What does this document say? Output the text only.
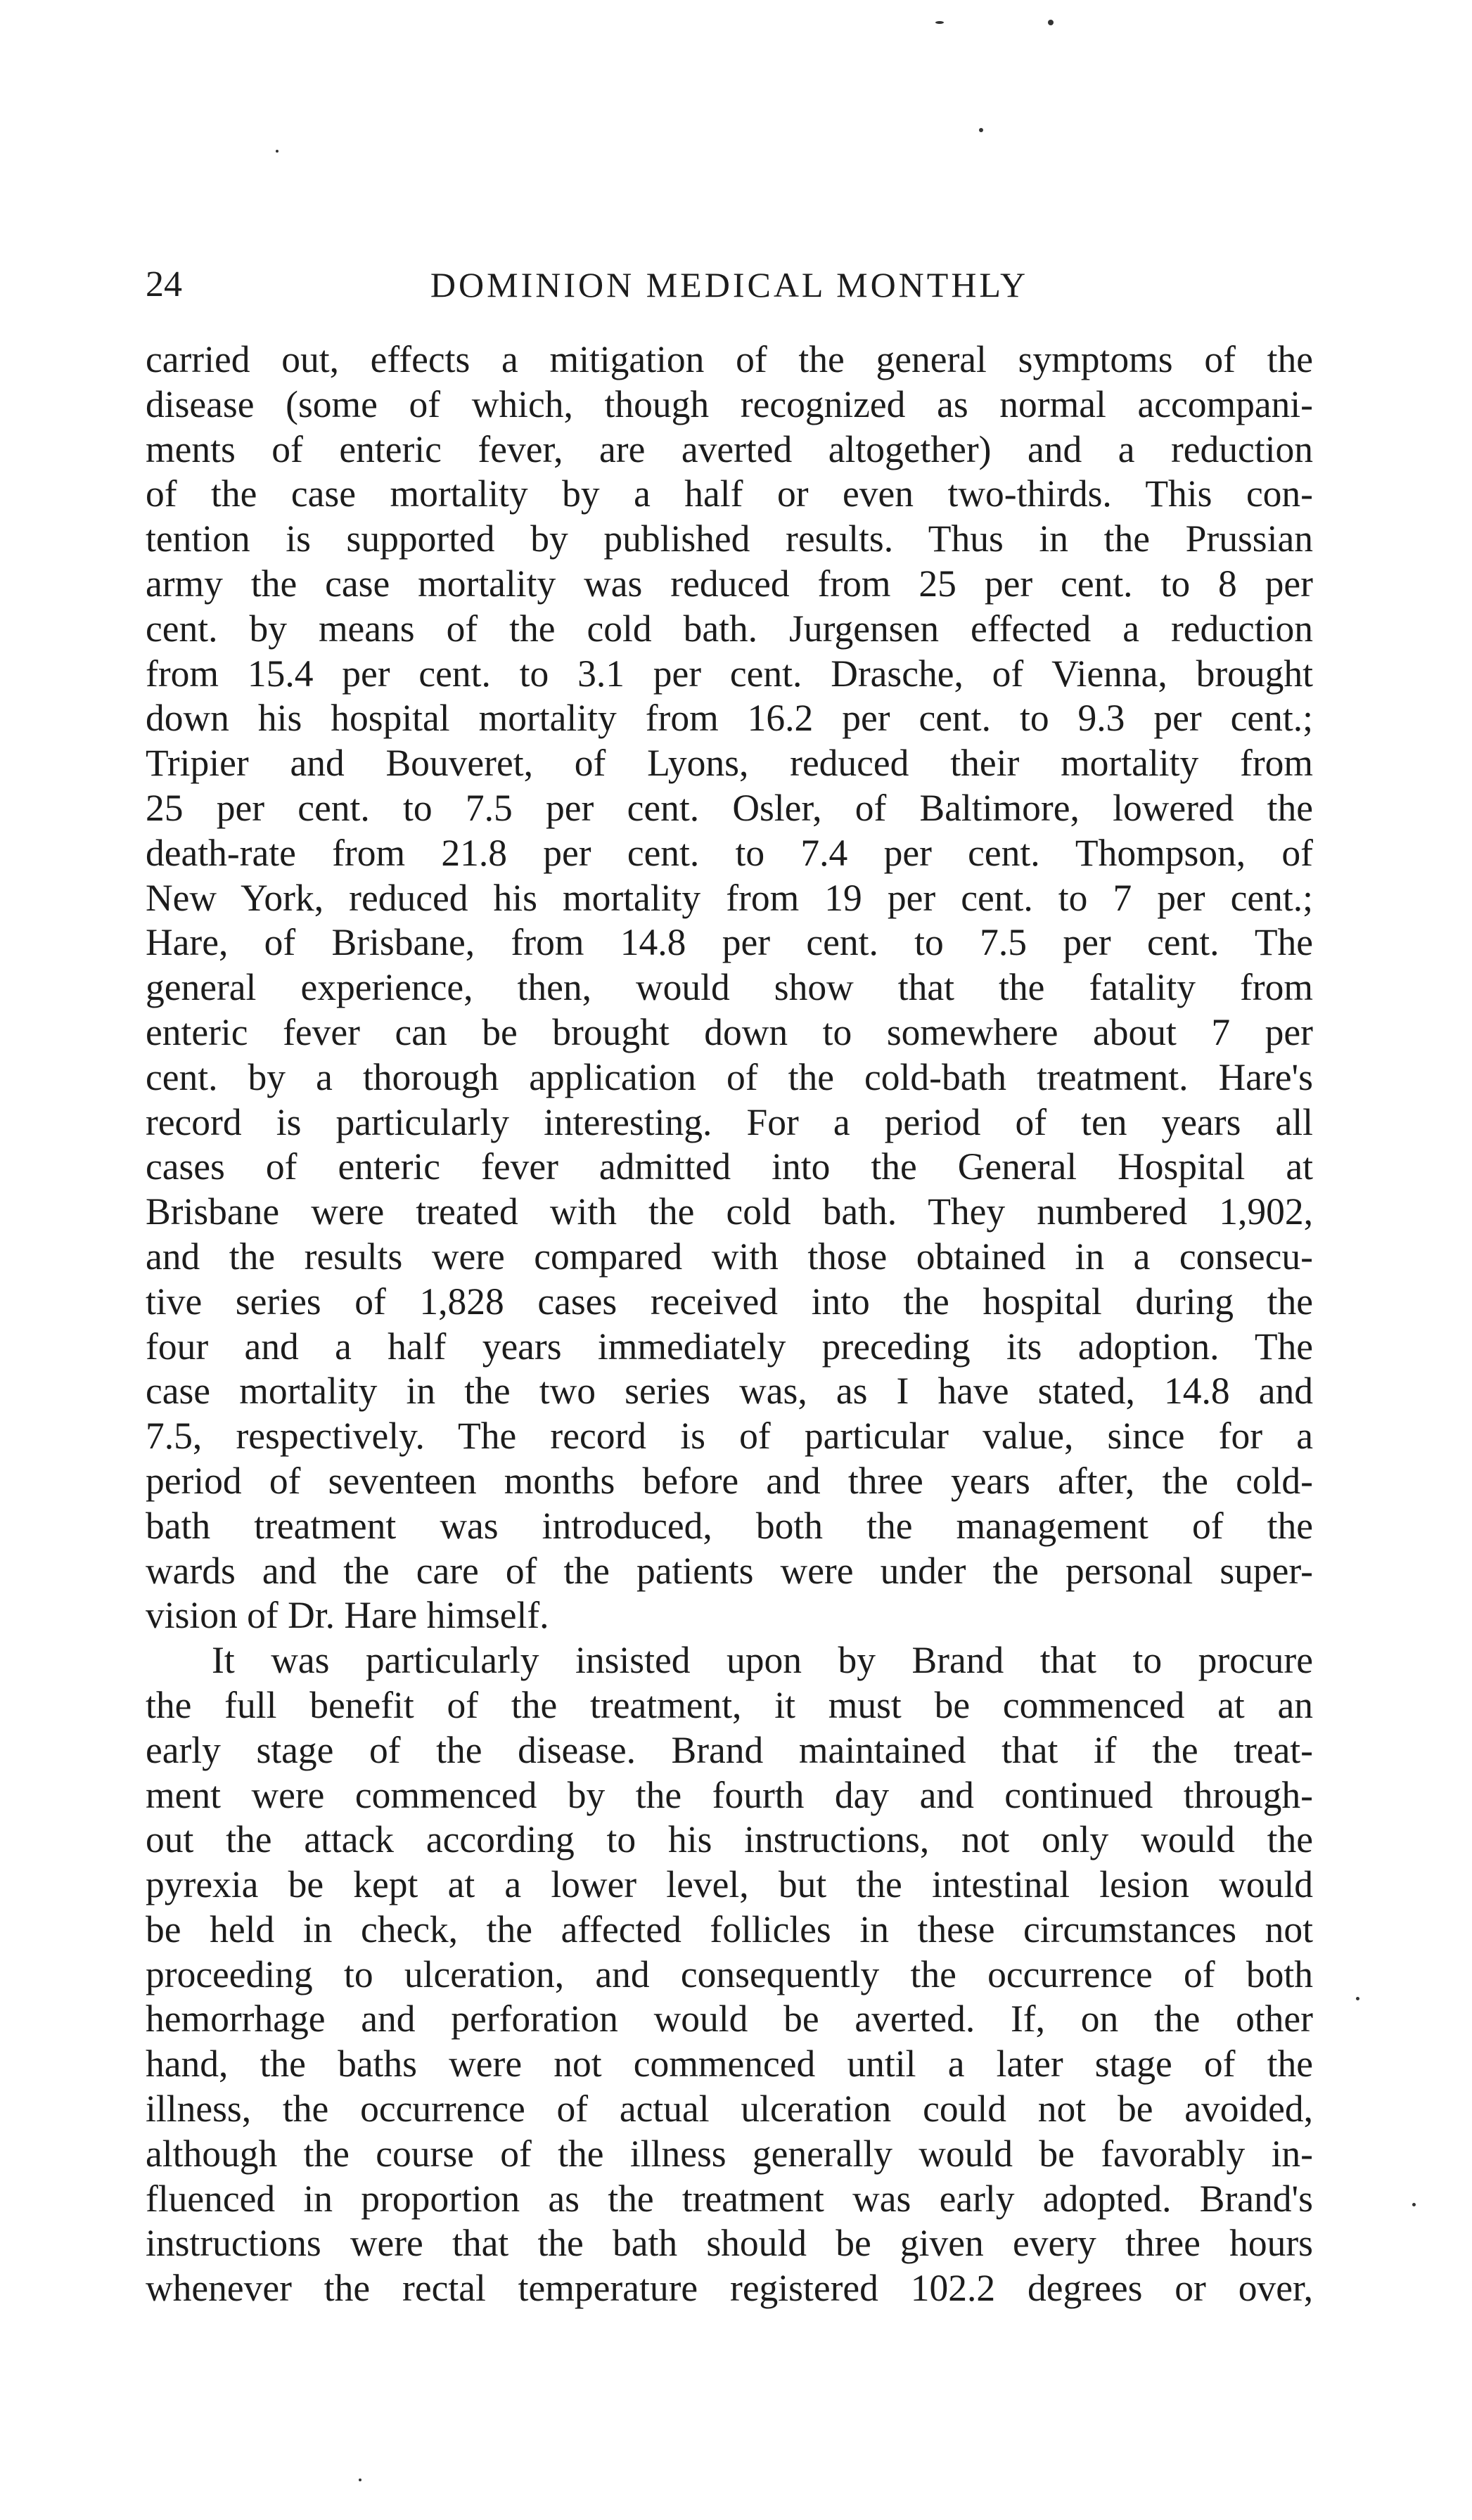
24	DOMINION MEDICAL MONTHLY

carried out, effects a mitigation of the general symptoms of the

disease (some of which, though recognized as normal accompani-

ments of enteric fever, are averted altogether) and a reduction

of the case mortality by a half or even two-thirds. This con-

tention is supported by published results. Thus in the Prussian

army the case mortality was reduced from 25 per cent. to 8 per

cent. by means of the cold bath. Jurgensen effected a reduction

from 15.4 per cent. to 3.1 per cent. Drasche, of Vienna, brought

down his hospital mortality from 16.2 per cent. to 9.3 per cent.;

Tripier and Bouveret, of Lyons, reduced their mortality from

25 per cent. to 7.5 per cent. Osler, of Baltimore, lowered the

death-rate from 21.8 per cent. to 7.4 per cent. Thompson, of

New York, reduced his mortality from 19 per cent. to 7 per cent.;

Hare, of Brisbane, from 14.8 per cent. to 7.5 per cent. The

general experience, then, would show that the fatality from

enteric fever can be brought down to somewhere about 7 per

cent. by a thorough application of the cold-bath treatment. Hare's

record is particularly interesting. For a period of ten years all

cases of enteric fever admitted into the General Hospital at

Brisbane were treated with the cold bath. They numbered 1,902,

and the results were compared with those obtained in a consecu-

tive series of 1,828 cases received into the hospital during the

four and a half years immediately preceding its adoption. The

case mortality in the two series was, as I have stated, 14.8 and

7.5, respectively. The record is of particular value, since for a

period of seventeen months before and three years after, the cold-

bath treatment was introduced, both the management of the

wards and the care of the patients were under the personal super-

vision of Dr. Hare himself.

It was particularly insisted upon by Brand that to procure

the full benefit of the treatment, it must be commenced at an

early stage of the disease. Brand maintained that if the treat-

ment were commenced by the fourth day and continued through-

out the attack according to his instructions, not only would the

pyrexia be kept at a lower level, but the intestinal lesion would

be held in check, the affected follicles in these circumstances not

proceeding to ulceration, and consequently the occurrence of both

hemorrhage and perforation would be averted. If, on the other

hand, the baths were not commenced until a later stage of the

illness, the occurrence of actual ulceration could not be avoided,

although the course of the illness generally would be favorably in-

fluenced in proportion as the treatment was early adopted. Brand's

instructions were that the bath should be given every three hours

whenever the rectal temperature registered 102.2 degrees or over,
